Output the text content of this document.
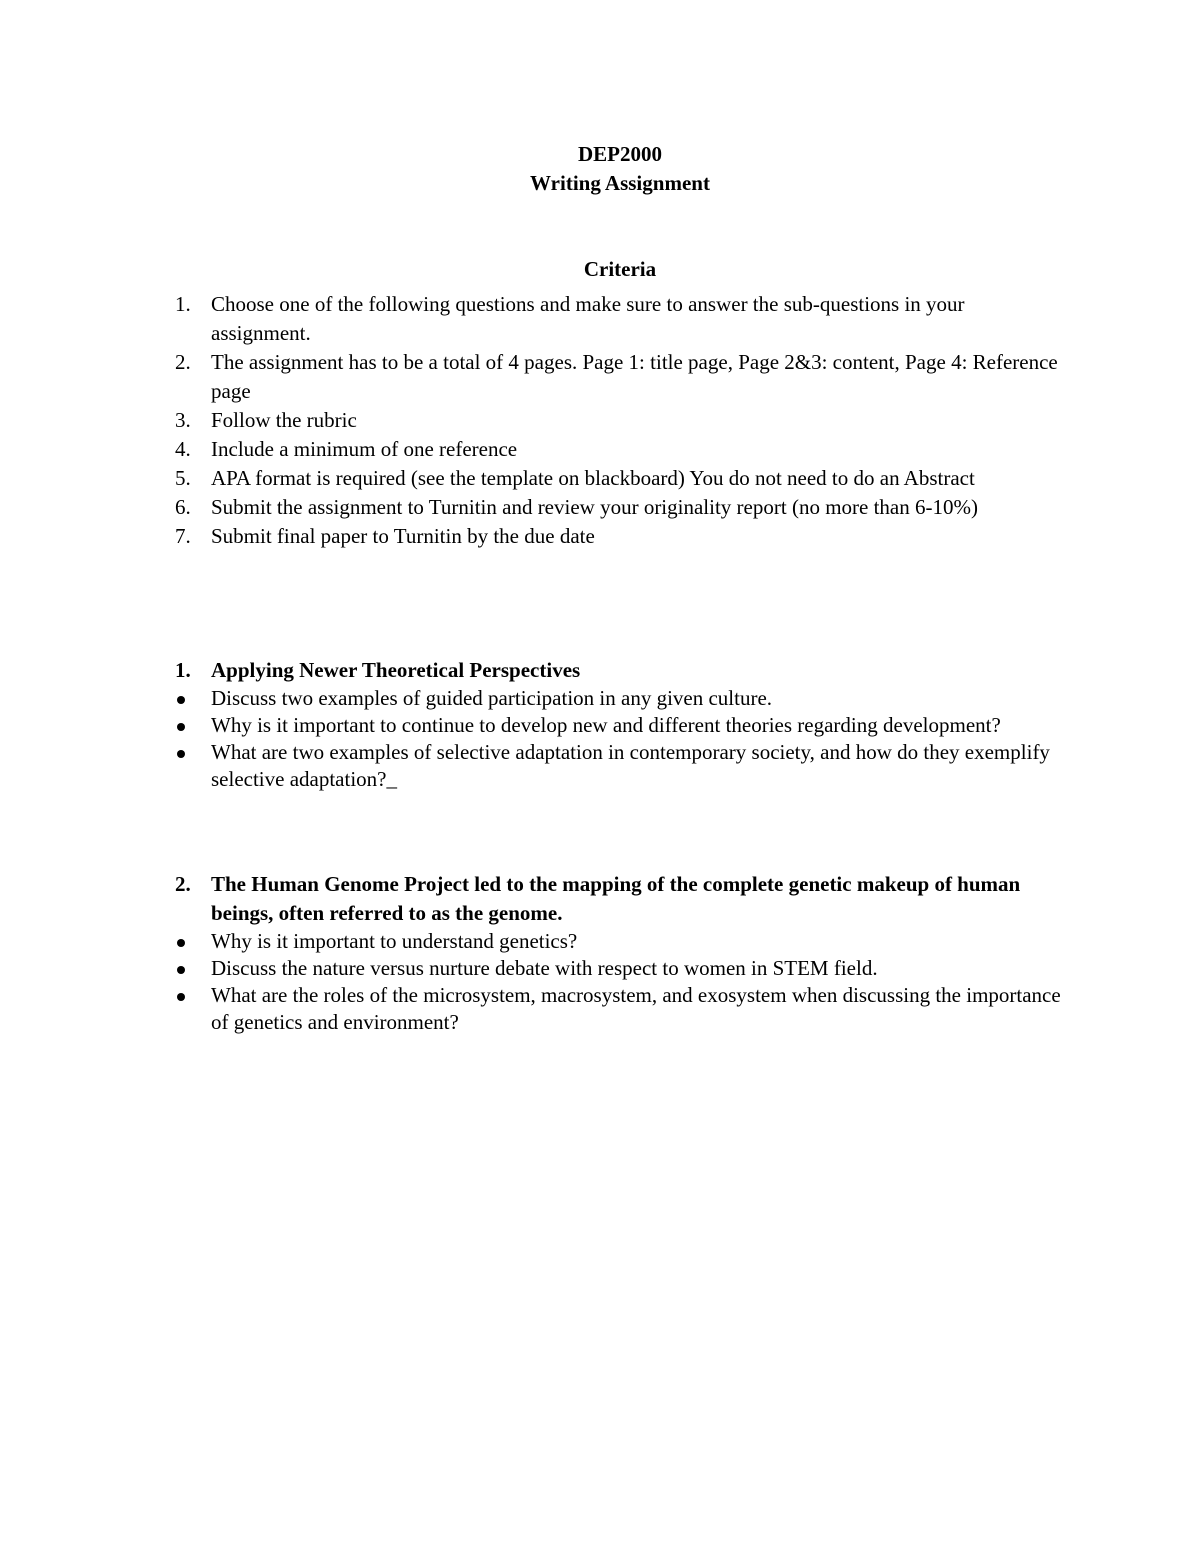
DEP2000

Writing Assignment

Criteria

1. Choose one of the following questions and make sure to answer the sub-questions in your assignment.
2. The assignment has to be a total of 4 pages. Page 1: title page, Page 2&3: content, Page 4: Reference page
3. Follow the rubric
4. Include a minimum of one reference
5. APA format is required (see the template on blackboard) You do not need to do an Abstract
6. Submit the assignment to Turnitin and review your originality report (no more than 6-10%)
7. Submit final paper to Turnitin by the due date

1. Applying Newer Theoretical Perspectives

Discuss two examples of guided participation in any given culture.
Why is it important to continue to develop new and different theories regarding development?
What are two examples of selective adaptation in contemporary society, and how do they exemplify selective adaptation?_

2. The Human Genome Project led to the mapping of the complete genetic makeup of human beings, often referred to as the genome.

Why is it important to understand genetics?
Discuss the nature versus nurture debate with respect to women in STEM field.
What are the roles of the microsystem, macrosystem, and exosystem when discussing the importance of genetics and environment?
